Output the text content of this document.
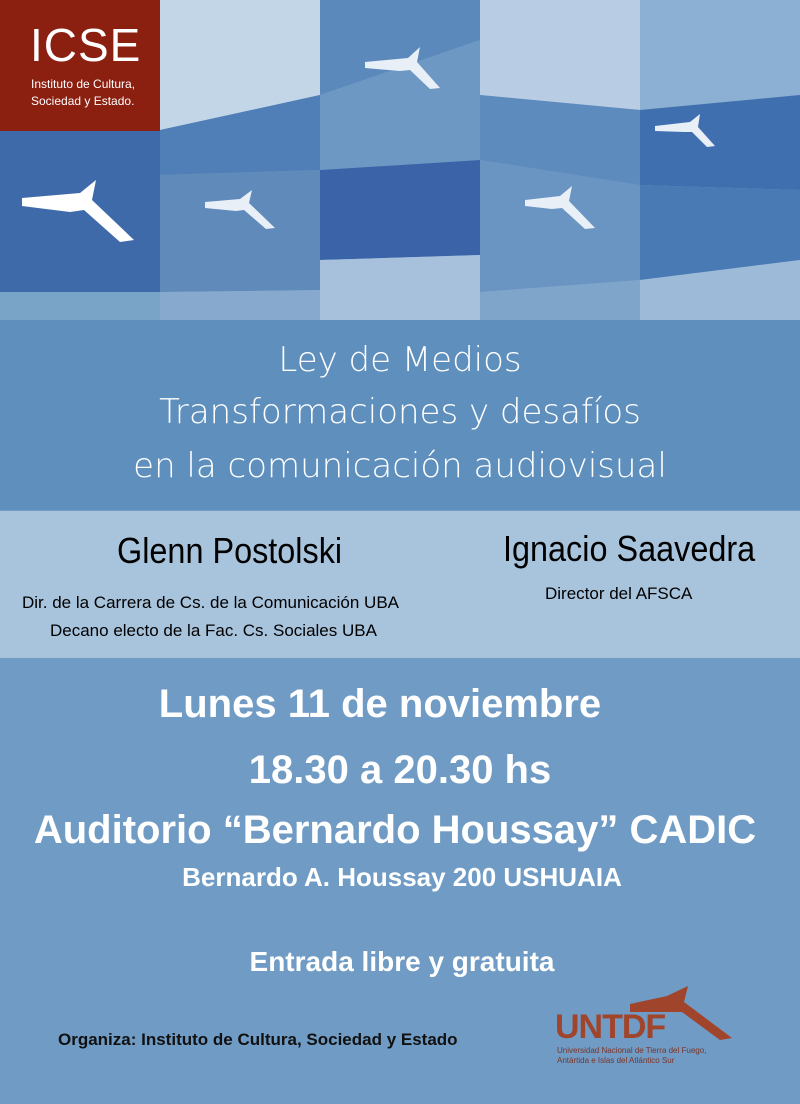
ICSE
Instituto de Cultura,
Sociedad y Estado.
Ley de Medios
Transformaciones y desafíos
en la comunicación audiovisual
Glenn Postolski
Dir. de la Carrera de Cs. de la Comunicación UBA
Decano electo de la Fac. Cs. Sociales UBA
Ignacio Saavedra
Director del AFSCA
Lunes 11 de noviembre
18.30 a 20.30 hs
Auditorio “Bernardo Houssay” CADIC
Bernardo A. Houssay 200 USHUAIA
Entrada libre y gratuita
Organiza: Instituto de Cultura, Sociedad y Estado	UNTDF
Universidad Nacional de Tierra del Fuego,
Antártida e Islas del Atlántico Sur
